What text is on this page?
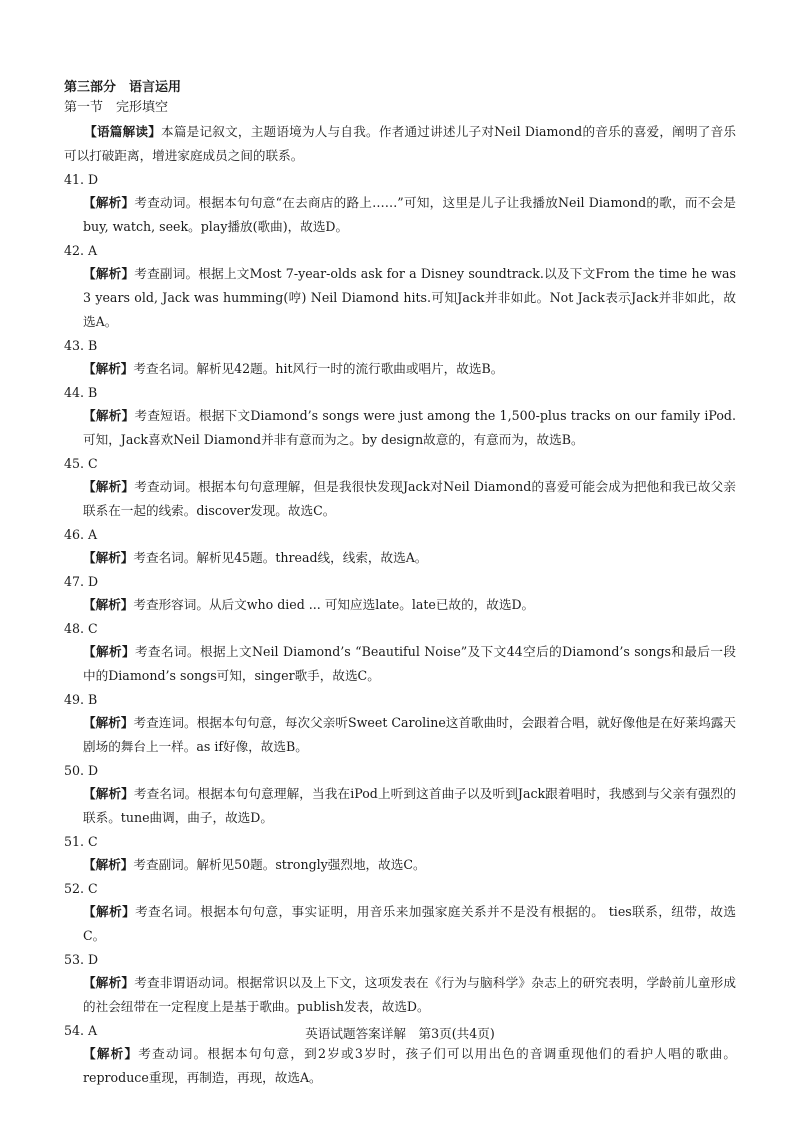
第三部分　语言运用
第一节　完形填空
【语篇解读】本篇是记叙文，主题语境为人与自我。作者通过讲述儿子对Neil Diamond的音乐的喜爱，阐明了音乐可以打破距离，增进家庭成员之间的联系。
41. D
【解析】考查动词。根据本句句意“在去商店的路上……”可知，这里是儿子让我播放Neil Diamond的歌，而不会是buy, watch, seek。play播放(歌曲)，故选D。
42. A
【解析】考查副词。根据上文Most 7-year-olds ask for a Disney soundtrack.以及下文From the time he was 3 years old, Jack was humming(哼) Neil Diamond hits.可知Jack并非如此。Not Jack表示Jack并非如此，故选A。
43. B
【解析】考查名词。解析见42题。hit风行一时的流行歌曲或唱片，故选B。
44. B
【解析】考查短语。根据下文Diamond’s songs were just among the 1,500-plus tracks on our family iPod.可知，Jack喜欢Neil Diamond并非有意而为之。by design故意的，有意而为，故选B。
45. C
【解析】考查动词。根据本句句意理解，但是我很快发现Jack对Neil Diamond的喜爱可能会成为把他和我已故父亲联系在一起的线索。discover发现。故选C。
46. A
【解析】考查名词。解析见45题。thread线，线索，故选A。
47. D
【解析】考查形容词。从后文who died ... 可知应选late。late已故的，故选D。
48. C
【解析】考查名词。根据上文Neil Diamond’s “Beautiful Noise”及下文44空后的Diamond’s songs和最后一段中的Diamond’s songs可知，singer歌手，故选C。
49. B
【解析】考查连词。根据本句句意，每次父亲听Sweet Caroline这首歌曲时，会跟着合唱，就好像他是在好莱坞露天剧场的舞台上一样。as if好像，故选B。
50. D
【解析】考查名词。根据本句句意理解，当我在iPod上听到这首曲子以及听到Jack跟着唱时，我感到与父亲有强烈的联系。tune曲调，曲子，故选D。
51. C
【解析】考查副词。解析见50题。strongly强烈地，故选C。
52. C
【解析】考查名词。根据本句句意，事实证明，用音乐来加强家庭关系并不是没有根据的。 ties联系，纽带，故选C。
53. D
【解析】考查非谓语动词。根据常识以及上下文，这项发表在《行为与脑科学》杂志上的研究表明，学龄前儿童形成的社会纽带在一定程度上是基于歌曲。publish发表，故选D。
54. A
【解析】考查动词。根据本句句意，到2岁或3岁时，孩子们可以用出色的音调重现他们的看护人唱的歌曲。reproduce重现，再制造，再现，故选A。
英语试题答案详解　第3页(共4页)
